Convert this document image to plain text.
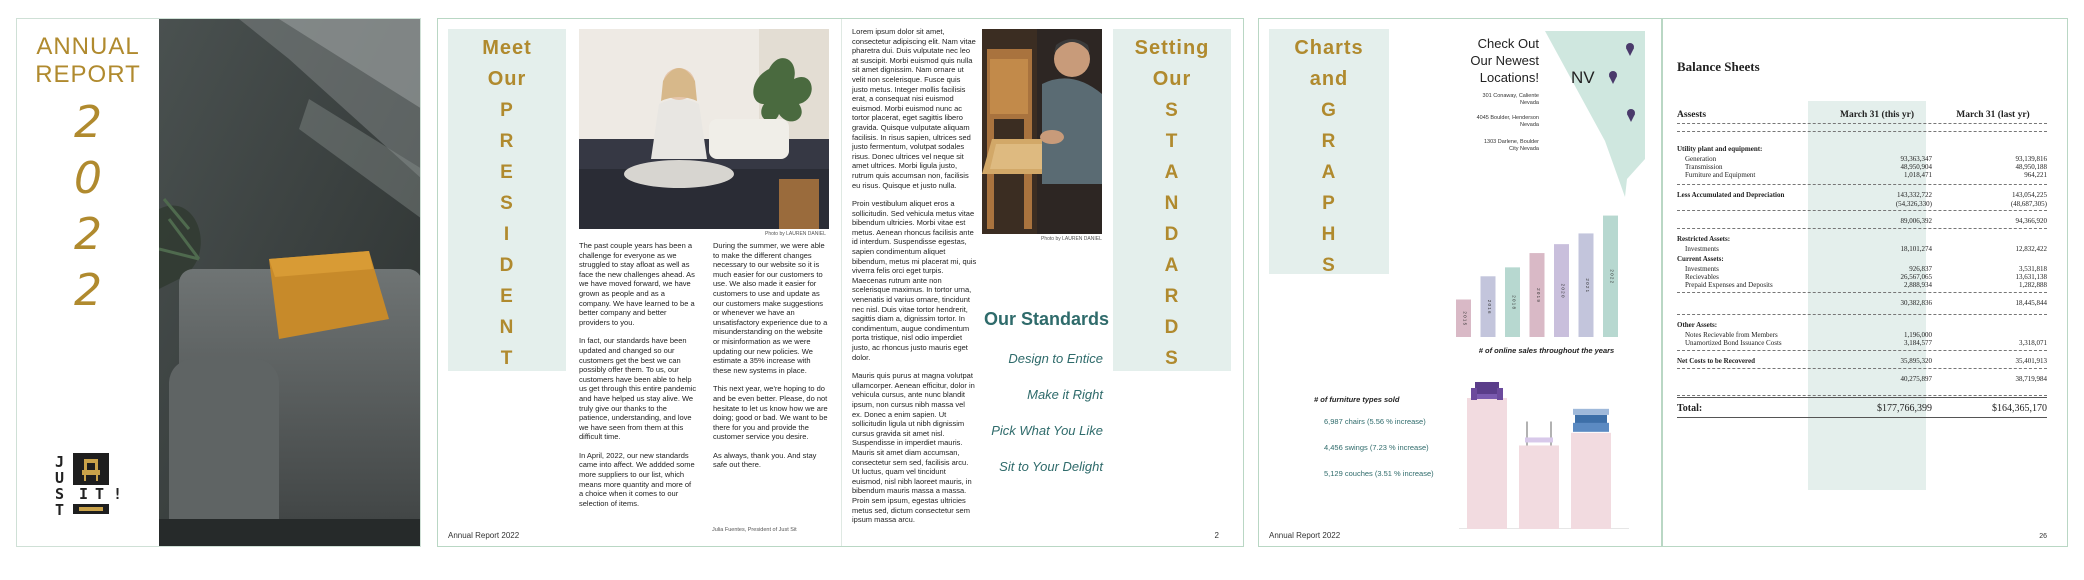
ANNUAL
REPORT
2
0
2
2
J
U
S
T
I T !
Meet
Our
P
R
E
S
I
D
E
N
T
Photo by LAUREN DANIEL

The past couple years has been a challenge for everyone as we struggled to stay afloat as well as face the new challenges ahead. As we have moved forward, we have grown as people and as a company. We have learned to be a better company and better providers to you.

In fact, our standards have been updated and changed so our customers get the best we can possibly offer them. To us, our customers have been able to help us get through this entire pandemic and have helped us stay alive. We truly give our thanks to the patience, understanding, and love we have seen from them at this difficult time.

In April, 2022, our new standards came into affect. We addded some more suppliers to our list, which means more quantity and more of a choice when it comes to our selection of items.

During the summer, we were able to make the different changes necessary to our website so it is much easier for our customers to use. We also made it easier for customers to use and update as our customers make suggestions or whenever we have an unsatisfactory experience due to a misunderstanding on the website or misinformation as we were updating our new policies. We estimate a 35% increase with these new systems in place.

This next year, we're hoping to do and be even better. Please, do not hesitate to let us know how we are doing; good or bad. We want to be there for you and provide the customer service you desire.

As always, thank you. And stay safe out there.

Julia Fuentes, President of Just Sit
Annual Report 2022

Lorem ipsum dolor sit amet, consectetur adipiscing elit. Nam vitae pharetra dui. Duis vulputate nec leo at suscipit. Morbi euismod quis nulla sit amet dignissim. Nam ornare ut velit non scelerisque. Fusce quis justo metus. Integer mollis facilisis erat, a consequat nisi euismod euismod. Morbi euismod nunc ac tortor placerat, eget sagittis libero gravida. Quisque vulputate aliquam facilisis. In risus sapien, ultrices sed justo fermentum, volutpat sodales risus. Donec ultrices vel neque sit amet ultrices. Morbi ligula justo, rutrum quis accumsan non, facilisis eu risus. Quisque et justo nulla.

Proin vestibulum aliquet eros a sollicitudin. Sed vehicula metus vitae bibendum ultricies. Morbi vitae est metus. Aenean rhoncus facilisis ante id interdum. Suspendisse egestas, sapien condimentum aliquet bibendum, metus mi placerat mi, quis viverra felis orci eget turpis. Maecenas rutrum ante non scelerisque maximus. In tortor urna, venenatis id varius ornare, tincidunt nec nisl. Duis vitae tortor hendrerit, sagittis diam a, dignissim tortor. In condimentum, augue condimentum porta tristique, nisl odio imperdiet justo, ac rhoncus justo mauris eget dolor.

Mauris quis purus at magna volutpat ullamcorper. Aenean efficitur, dolor in vehicula cursus, ante nunc blandit ipsum, non cursus nibh massa vel ex. Donec a enim sapien. Ut sollicitudin ligula ut nibh dignissim cursus gravida sit amet nisl. Suspendisse in imperdiet mauris. Mauris sit amet diam accumsan, consectetur sem sed, facilisis arcu. Ut luctus, quam vel tincidunt euismod, nisl nibh laoreet mauris, in bibendum mauris massa a massa. Proin sem ipsum, egestas ultricies metus sed, dictum consectetur sem ipsum massa arcu.

Photo by LAUREN DANIEL
Setting
Our
S
T
A
N
D
A
R
D
S
Our Standards
Design to Entice
Make it Right
Pick What You Like
Sit to Your Delight
2
Charts
and
G
R
A
P
H
S
Check Out
Our Newest
Locations!
301 Conaway, Caliente
Nevada
4045 Boulder, Henderson
Nevada
1303 Darlene, Boulder
City Nevada
NV
2 0 1 5
2 0 1 6	2 0 1 8
2 0 1 9	2 0 2 0	2 0 2 1
2 0 2 2
# of online sales throughout the years
# of furniture types sold
6,987 chairs (5.56 % increase)
4,456 swings (7.23 % increase)
5,129 couches (3.51 % increase)
Annual Report 2022
Balance Sheets
Assests	March 31 (this yr)	March 31 (last yr)
Utility plant and equipment:
Generation	93,363,347	93,139,816
Transmission	48,950,904	48,950,188
Furniture and Equipment	1,018,471	964,221
Less Accumulated and Depreciation	143,332,722	143,054,225
(54,326,330)	(48,687,305)
89,006,392	94,366,920
Restricted Assets:
Investments	18,101,274	12,832,422
Current Assets:
Investments	926,837	3,531,818
Recievables	26,567,065	13,631,138
Prepaid Expenses and Deposits	2,888,934	1,282,888
30,382,836	18,445,844
Other Assets:
Notes Recievable from Members	1,196,000
Unamortized Bond Issuance Costs	3,184,577	3,318,071
Net Costs to be Recovered	35,895,320	35,401,913
40,275,897	38,719,984
Total:	$177,766,399	$164,365,170
26
